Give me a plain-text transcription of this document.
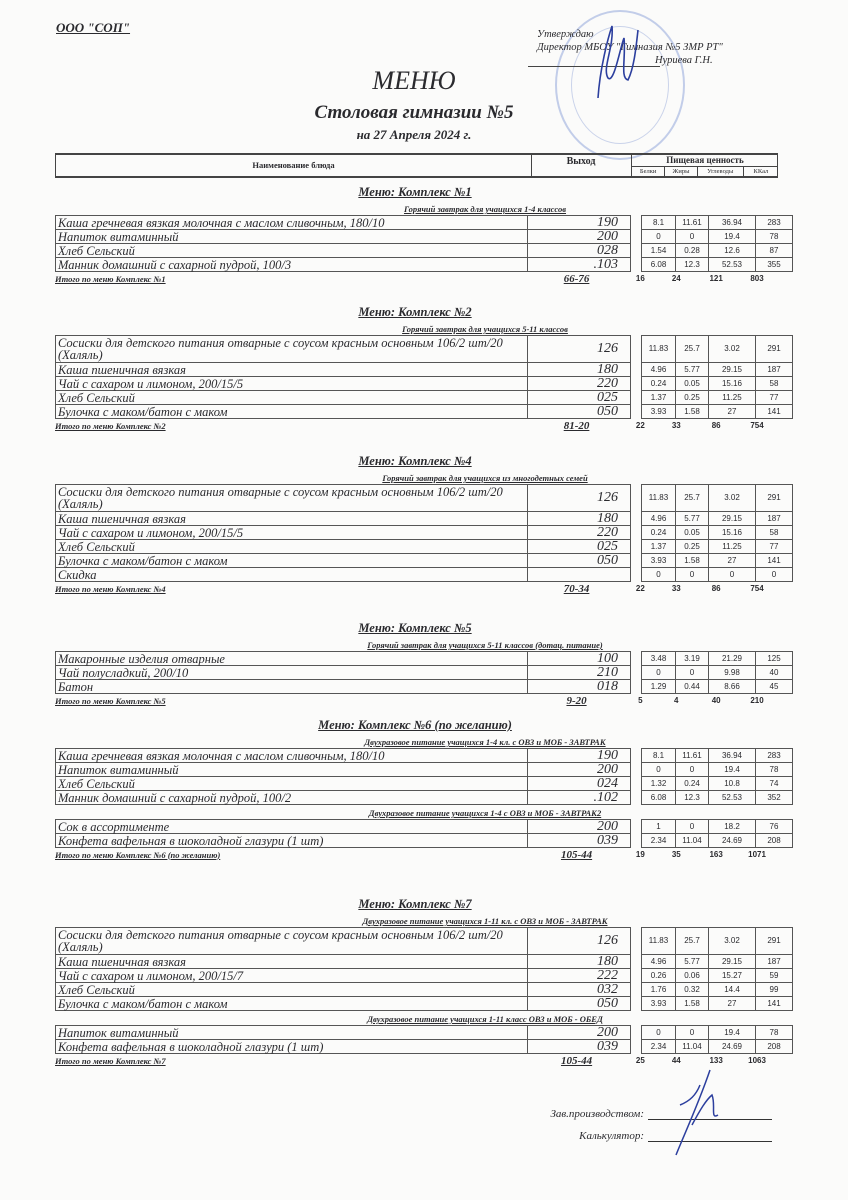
ООО "СОП"	Утверждаю
Директор МБОУ "Гимназия №5 ЗМР РТ"
Нуриева Г.Н.
МЕНЮ
Столовая гимназии №5
на 27 Апреля 2024 г.
Наименование блюда	Выход	Пищевая ценность
Белки	Жиры	Углеводы	ККал
Меню: Комплекс №1
Горячий завтрак для учащихся 1-4 классов
Каша гречневая вязкая молочная с маслом сливочным, 180/10	190		8.1	11.61	36.94	283
Напиток витаминный	200		0	0	19.4	78
Хлеб Сельский	028		1.54	0.28	12.6	87
Манник домашний с сахарной пудрой, 100/3	.103		6.08	12.3	52.53	355
Итого по меню Комплекс №1	66-76	16	24	121	803
Меню: Комплекс №2
Горячий завтрак для учащихся 5-11 классов
Сосиски для детского питания отварные с соусом красным основным 106/2 шт/20 (Халяль)	126		11.83	25.7	3.02	291
Каша пшеничная вязкая	180		4.96	5.77	29.15	187
Чай с сахаром и лимоном, 200/15/5	220		0.24	0.05	15.16	58
Хлеб Сельский	025		1.37	0.25	11.25	77
Булочка с маком/батон с маком	050		3.93	1.58	27	141
Итого по меню Комплекс №2	81-20	22	33	86	754
Меню: Комплекс №4
Горячий завтрак для учащихся из многодетных семей
Сосиски для детского питания отварные с соусом красным основным 106/2 шт/20 (Халяль)	126		11.83	25.7	3.02	291
Каша пшеничная вязкая	180		4.96	5.77	29.15	187
Чай с сахаром и лимоном, 200/15/5	220		0.24	0.05	15.16	58
Хлеб Сельский	025		1.37	0.25	11.25	77
Булочка с маком/батон с маком	050		3.93	1.58	27	141
Скидка			0	0	0	0
Итого по меню Комплекс №4	70-34	22	33	86	754
Меню: Комплекс №5
Горячий завтрак для учащихся 5-11 классов (дотац. питание)
Макаронные изделия отварные	100		3.48	3.19	21.29	125
Чай полусладкий, 200/10	210		0	0	9.98	40
Батон	018		1.29	0.44	8.66	45
Итого по меню Комплекс №5	9-20	5	4	40	210
Меню: Комплекс №6 (по желанию)
Двухразовое питание учащихся 1-4 кл. с ОВЗ и МОБ - ЗАВТРАК
Каша гречневая вязкая молочная с маслом сливочным, 180/10	190		8.1	11.61	36.94	283
Напиток витаминный	200		0	0	19.4	78
Хлеб Сельский	024		1.32	0.24	10.8	74
Манник домашний с сахарной пудрой, 100/2	.102		6.08	12.3	52.53	352
Двухразовое питание учащихся 1-4 с ОВЗ и МОБ - ЗАВТРАК2
Сок в ассортименте	200		1	0	18.2	76
Конфета вафельная в шоколадной глазури (1 шт)	039		2.34	11.04	24.69	208
Итого по меню Комплекс №6 (по желанию)	105-44	19	35	163	1071
Меню: Комплекс №7
Двухразовое питание учащихся 1-11 кл. с ОВЗ и МОБ - ЗАВТРАК
Сосиски для детского питания отварные с соусом красным основным 106/2 шт/20 (Халяль)	126		11.83	25.7	3.02	291
Каша пшеничная вязкая	180		4.96	5.77	29.15	187
Чай с сахаром и лимоном, 200/15/7	222		0.26	0.06	15.27	59
Хлеб Сельский	032		1.76	0.32	14.4	99
Булочка с маком/батон с маком	050		3.93	1.58	27	141
Двухразовое питание учащихся 1-11 класс ОВЗ и МОБ - ОБЕД
Напиток витаминный	200		0	0	19.4	78
Конфета вафельная в шоколадной глазури (1 шт)	039		2.34	11.04	24.69	208
Итого по меню Комплекс №7	105-44	25	44	133	1063
Зав.производством:
Калькулятор:
